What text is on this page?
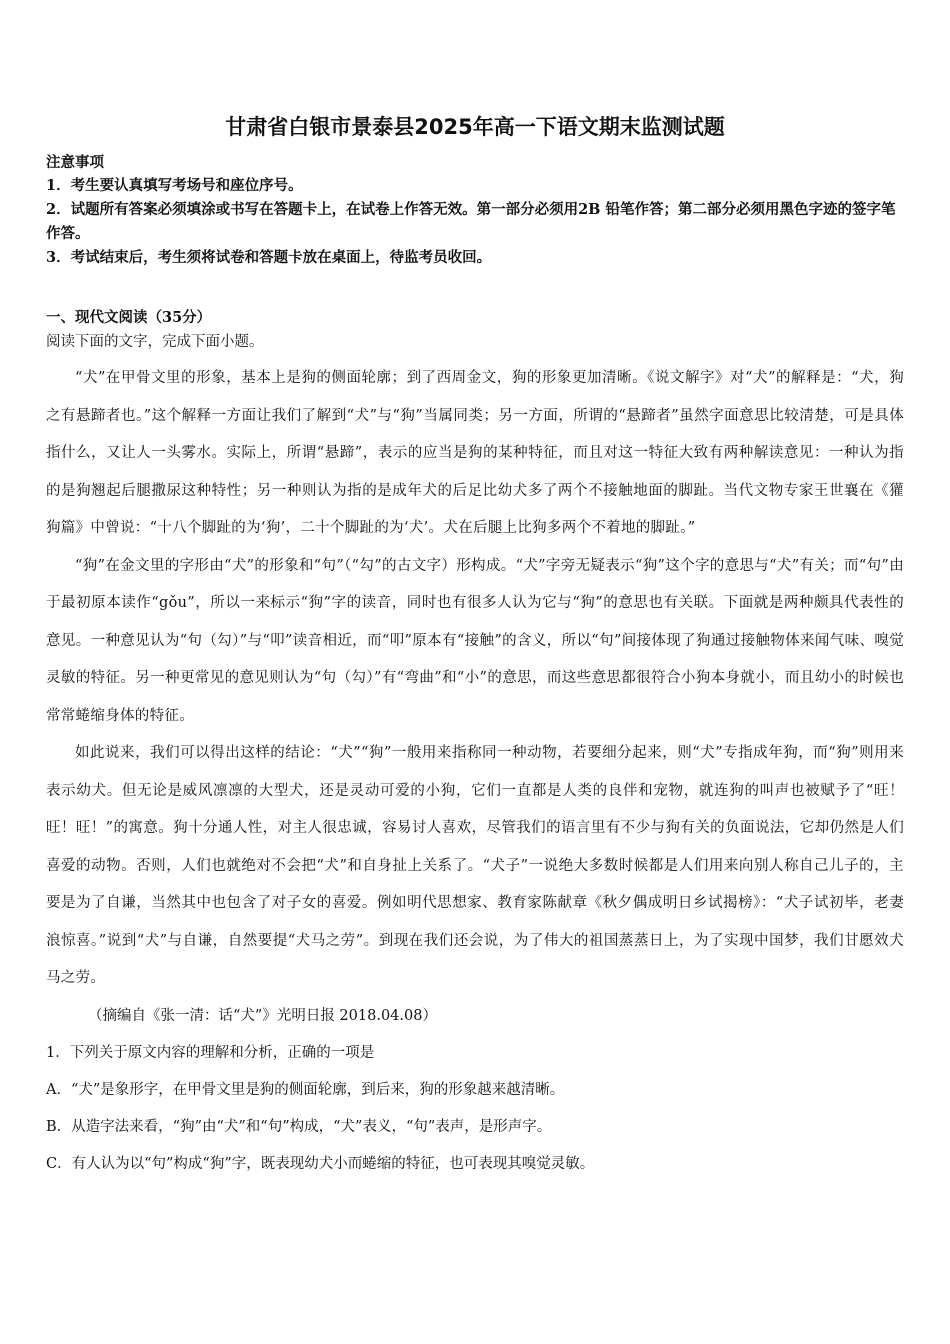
甘肃省白银市景泰县2025年高一下语文期末监测试题

注意事项

1．考生要认真填写考场号和座位序号。

2．试题所有答案必须填涂或书写在答题卡上，在试卷上作答无效。第一部分必须用2B 铅笔作答；第二部分必须用黑色字迹的签字笔作答。

3．考试结束后，考生须将试卷和答题卡放在桌面上，待监考员收回。

一、现代文阅读（35分）

阅读下面的文字，完成下面小题。

“犬”在甲骨文里的形象，基本上是狗的侧面轮廓；到了西周金文，狗的形象更加清晰。《说文解字》对“犬”的解释是：“犬，狗之有悬蹄者也。”这个解释一方面让我们了解到“犬”与“狗”当属同类；另一方面，所谓的“悬蹄者”虽然字面意思比较清楚，可是具体指什么，又让人一头雾水。实际上，所谓“悬蹄”，表示的应当是狗的某种特征，而且对这一特征大致有两种解读意见：一种认为指的是狗翘起后腿撒尿这种特性；另一种则认为指的是成年犬的后足比幼犬多了两个不接触地面的脚趾。当代文物专家王世襄在《獾狗篇》中曾说：“十八个脚趾的为‘狗’，二十个脚趾的为‘犬’。犬在后腿上比狗多两个不着地的脚趾。”

“狗”在金文里的字形由“犬”的形象和“句”（“勾”的古文字）形构成。“犬”字旁无疑表示“狗”这个字的意思与“犬”有关；而“句”由于最初原本读作“gǒu”，所以一来标示“狗”字的读音，同时也有很多人认为它与“狗”的意思也有关联。下面就是两种颇具代表性的意见。一种意见认为“句（勾）”与“叩”读音相近，而“叩”原本有“接触”的含义，所以“句”间接体现了狗通过接触物体来闻气味、嗅觉灵敏的特征。另一种更常见的意见则认为“句（勾）”有“弯曲”和“小”的意思，而这些意思都很符合小狗本身就小，而且幼小的时候也常常蜷缩身体的特征。

如此说来，我们可以得出这样的结论：“犬”“狗”一般用来指称同一种动物，若要细分起来，则“犬”专指成年狗，而“狗”则用来表示幼犬。但无论是威风凛凛的大型犬，还是灵动可爱的小狗，它们一直都是人类的良伴和宠物，就连狗的叫声也被赋予了“旺！旺！旺！”的寓意。狗十分通人性，对主人很忠诚，容易讨人喜欢，尽管我们的语言里有不少与狗有关的负面说法，它却仍然是人们喜爱的动物。否则，人们也就绝对不会把“犬”和自身扯上关系了。“犬子”一说绝大多数时候都是人们用来向别人称自己儿子的，主要是为了自谦，当然其中也包含了对子女的喜爱。例如明代思想家、教育家陈献章《秋夕偶成明日乡试揭榜》：“犬子试初毕，老妻浪惊喜。”说到“犬”与自谦，自然要提“犬马之劳”。到现在我们还会说，为了伟大的祖国蒸蒸日上，为了实现中国梦，我们甘愿效犬马之劳。

（摘编自《张一清：话“犬”》光明日报 2018.04.08）

1．下列关于原文内容的理解和分析，正确的一项是

A．“犬”是象形字，在甲骨文里是狗的侧面轮廓，到后来，狗的形象越来越清晰。

B．从造字法来看，“狗”由“犬”和“句”构成，“犬”表义，“句”表声，是形声字。

C．有人认为以“句”构成“狗”字，既表现幼犬小而蜷缩的特征，也可表现其嗅觉灵敏。
